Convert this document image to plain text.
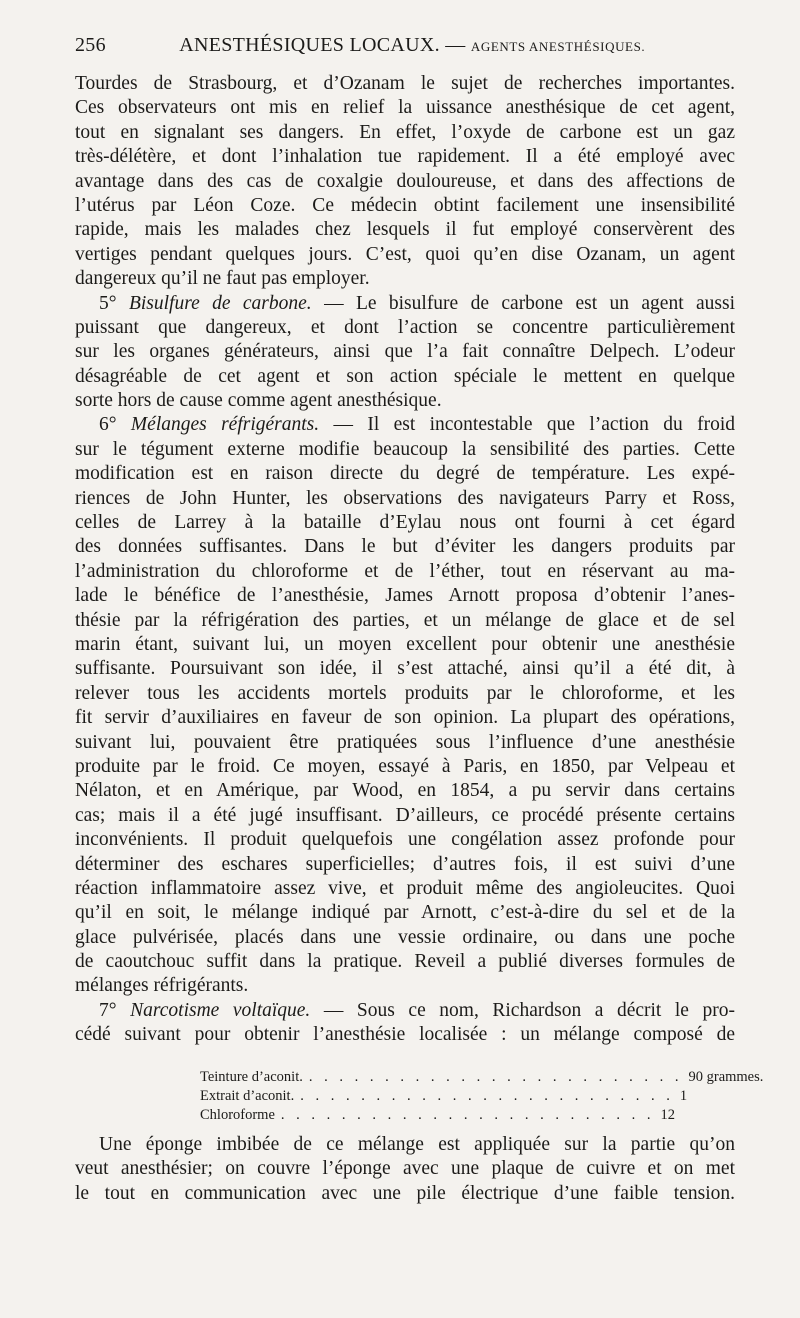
256	ANESTHÉSIQUES LOCAUX. — AGENTS ANESTHÉSIQUES.
Tourdes de Strasbourg, et d’Ozanam le sujet de recherches importantes.
Ces observateurs ont mis en relief la uissance anesthésique de cet agent,
tout en signalant ses dangers. En effet, l’oxyde de carbone est un gaz
très-délétère, et dont l’inhalation tue rapidement. Il a été employé avec
avantage dans des cas de coxalgie douloureuse, et dans des affections de
l’utérus par Léon Coze. Ce médecin obtint facilement une insensibilité
rapide, mais les malades chez lesquels il fut employé conservèrent des
vertiges pendant quelques jours. C’est, quoi qu’en dise Ozanam, un agent
dangereux qu’il ne faut pas employer.
5° Bisulfure de carbone. — Le bisulfure de carbone est un agent aussi
puissant que dangereux, et dont l’action se concentre particulièrement
sur les organes générateurs, ainsi que l’a fait connaître Delpech. L’odeur
désagréable de cet agent et son action spéciale le mettent en quelque
sorte hors de cause comme agent anesthésique.
6° Mélanges réfrigérants. — Il est incontestable que l’action du froid
sur le tégument externe modifie beaucoup la sensibilité des parties. Cette
modification est en raison directe du degré de température. Les expé-
riences de John Hunter, les observations des navigateurs Parry et Ross,
celles de Larrey à la bataille d’Eylau nous ont fourni à cet égard
des données suffisantes. Dans le but d’éviter les dangers produits par
l’administration du chloroforme et de l’éther, tout en réservant au ma-
lade le bénéfice de l’anesthésie, James Arnott proposa d’obtenir l’anes-
thésie par la réfrigération des parties, et un mélange de glace et de sel
marin étant, suivant lui, un moyen excellent pour obtenir une anesthésie
suffisante. Poursuivant son idée, il s’est attaché, ainsi qu’il a été dit, à
relever tous les accidents mortels produits par le chloroforme, et les
fit servir d’auxiliaires en faveur de son opinion. La plupart des opérations,
suivant lui, pouvaient être pratiquées sous l’influence d’une anesthésie
produite par le froid. Ce moyen, essayé à Paris, en 1850, par Velpeau et
Nélaton, et en Amérique, par Wood, en 1854, a pu servir dans certains
cas; mais il a été jugé insuffisant. D’ailleurs, ce procédé présente certains
inconvénients. Il produit quelquefois une congélation assez profonde pour
déterminer des eschares superficielles; d’autres fois, il est suivi d’une
réaction inflammatoire assez vive, et produit même des angioleucites. Quoi
qu’il en soit, le mélange indiqué par Arnott, c’est-à-dire du sel et de la
glace pulvérisée, placés dans une vessie ordinaire, ou dans une poche
de caoutchouc suffit dans la pratique. Reveil a publié diverses formules de
mélanges réfrigérants.
7° Narcotisme voltaïque. — Sous ce nom, Richardson a décrit le pro-
cédé suivant pour obtenir l’anesthésie localisée : un mélange composé de
Teinture d’aconit. . . . . . . . . . . . . . . . . . . . . . . . . . 90 grammes.
Extrait d’aconit. . . . . . . . . . . . . . . . . . . . . . . . . . 1
Chloroforme . . . . . . . . . . . . . . . . . . . . . . . . . 12
Une éponge imbibée de ce mélange est appliquée sur la partie qu’on
veut anesthésier; on couvre l’éponge avec une plaque de cuivre et on met
le tout en communication avec une pile électrique d’une faible tension.
